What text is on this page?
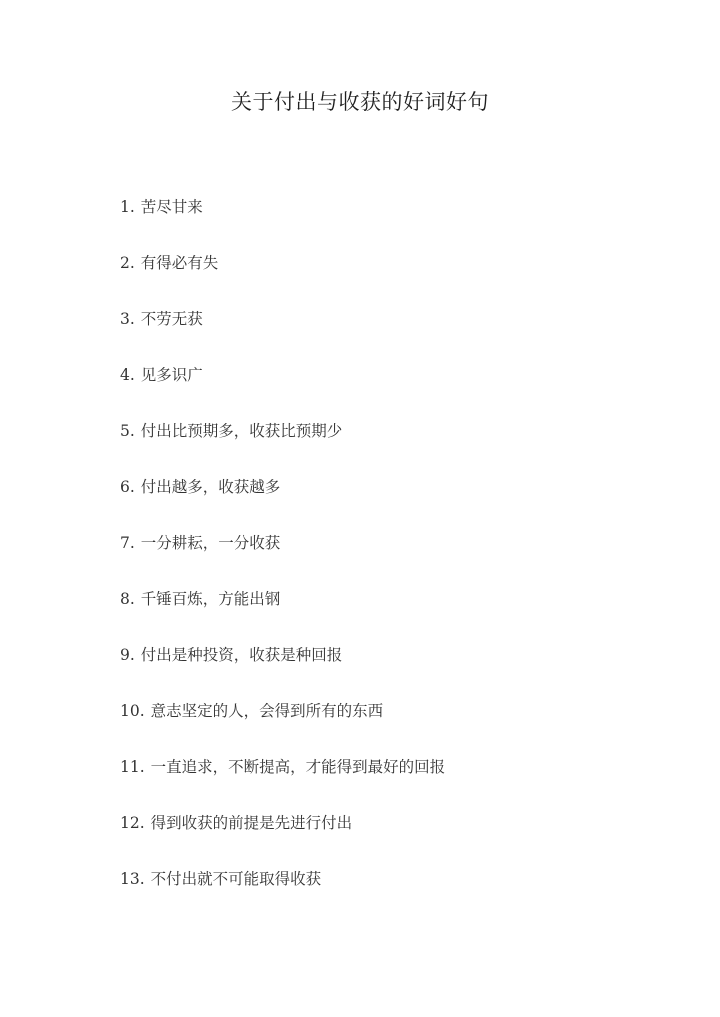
关于付出与收获的好词好句
1. 苦尽甘来
2. 有得必有失
3. 不劳无获
4. 见多识广
5. 付出比预期多，收获比预期少
6. 付出越多，收获越多
7. 一分耕耘，一分收获
8. 千锤百炼，方能出钢
9. 付出是种投资，收获是种回报
10. 意志坚定的人，会得到所有的东西
11. 一直追求，不断提高，才能得到最好的回报
12. 得到收获的前提是先进行付出
13. 不付出就不可能取得收获
